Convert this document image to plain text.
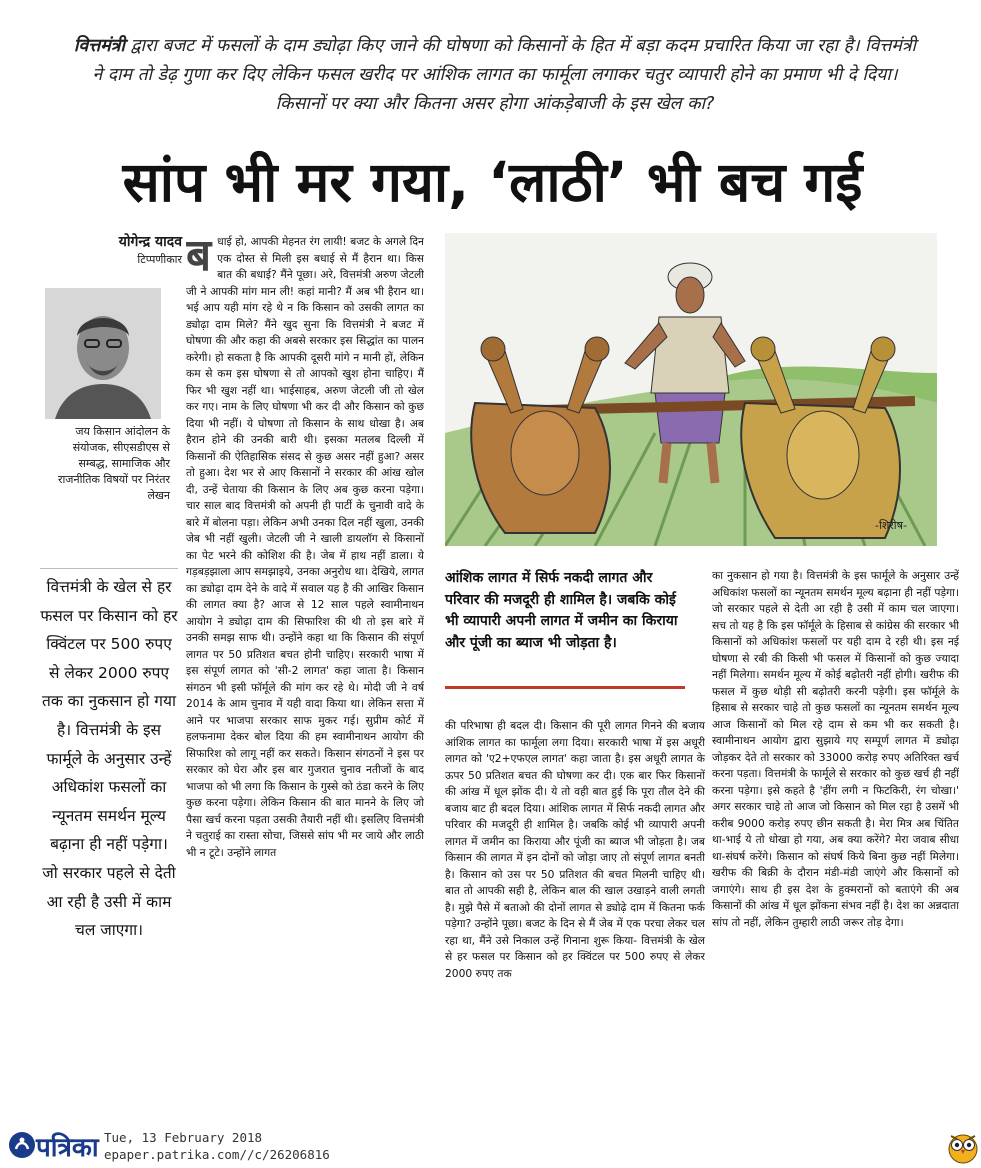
वित्तमंत्री द्वारा बजट में फसलों के दाम ड्योढ़ा किए जाने की घोषणा को किसानों के हित में बड़ा कदम प्रचारित किया जा रहा है। वित्तमंत्री ने दाम तो डेढ़ गुणा कर दिए लेकिन फसल खरीद पर आंशिक लागत का फार्मूला लगाकर चतुर व्यापारी होने का प्रमाण भी दे दिया। किसानों पर क्या और कितना असर होगा आंकड़ेबाजी के इस खेल का?
सांप भी मर गया, ‘लाठी’ भी बच गई
योगेन्द्र यादव
टिप्पणीकार
जय किसान आंदोलन के संयोजक, सीएसडीएस से सम्बद्ध, सामाजिक और राजनीतिक विषयों पर निरंतर लेखन
वित्तमंत्री के खेल से हर फसल पर किसान को हर क्विंटल पर 500 रुपए से लेकर 2000 रुपए तक का नुकसान हो गया है। वित्तमंत्री के इस फार्मूले के अनुसार उन्हें अधिकांश फसलों का न्यूनतम समर्थन मूल्य बढ़ाना ही नहीं पड़ेगा। जो सरकार पहले से देती आ रही है उसी में काम चल जाएगा।
बधाई हो, आपकी मेहनत रंग लायी! बजट के अगले दिन एक दोस्त से मिली इस बधाई से मैं हैरान था। किस बात की बधाई? मैंने पूछा। अरे, वित्तमंत्री अरुण जेटली जी ने आपकी मांग मान ली! कहां मानी? मैं अब भी हैरान था। भई आप यही मांग रहे थे न कि किसान को उसकी लागत का ड्योढ़ा दाम मिले? मैंने खुद सुना कि वित्तमंत्री ने बजट में घोषणा की और कहा की अबसे सरकार इस सिद्धांत का पालन करेगी। हो सकता है कि आपकी दूसरी मांगे न मानी हों, लेकिन कम से कम इस घोषणा से तो आपको खुश होना चाहिए। मैं फिर भी खुश नहीं था। भाईसाहब, अरुण जेटली जी तो खेल कर गए। नाम के लिए घोषणा भी कर दी और किसान को कुछ दिया भी नहीं। ये घोषणा तो किसान के साथ धोखा है। अब हैरान होने की उनकी बारी थी। इसका मतलब दिल्ली में किसानों की ऐतिहासिक संसद से कुछ असर नहीं हुआ? असर तो हुआ। देश भर से आए किसानों ने सरकार की आंख खोल दी, उन्हें चेताया की किसान के लिए अब कुछ करना पड़ेगा। चार साल बाद वित्तमंत्री को अपनी ही पार्टी के चुनावी वादे के बारे में बोलना पड़ा। लेकिन अभी उनका दिल नहीं खुला, उनकी जेब भी नहीं खुली। जेटली जी ने खाली डायलॉग से किसानों का पेट भरने की कोशिश की है। जेब में हाथ नहीं डाला। ये गड़बड़झाला आप समझाइये, उनका अनुरोध था। देखिये, लागत का ड्योढ़ा दाम देने के वादे में सवाल यह है की आखिर किसान की लागत क्या है? आज से 12 साल पहले स्वामीनाथन आयोग ने ड्योढ़ा दाम की सिफारिश की थी तो इस बारे में उनकी समझ साफ थी। उन्होंने कहा था कि किसान की संपूर्ण लागत पर 50 प्रतिशत बचत होनी चाहिए। सरकारी भाषा में इस संपूर्ण लागत को 'सी-2 लागत' कहा जाता है। किसान संगठन भी इसी फॉर्मूले की मांग कर रहे थे। मोदी जी ने वर्ष 2014 के आम चुनाव में यही वादा किया था। लेकिन सत्ता में आने पर भाजपा सरकार साफ मुकर गई। सुप्रीम कोर्ट में हलफनामा देकर बोल दिया की हम स्वामीनाथन आयोग की सिफारिश को लागू नहीं कर सकते। किसान संगठनों ने इस पर सरकार को घेरा और इस बार गुजरात चुनाव नतीजों के बाद भाजपा को भी लगा कि किसान के गुस्से को ठंडा करने के लिए कुछ करना पड़ेगा। लेकिन किसान की बात मानने के लिए जो पैसा खर्च करना पड़ता उसकी तैयारी नहीं थी। इसलिए वित्तमंत्री ने चतुराई का रास्ता सोचा, जिससे सांप भी मर जाये और लाठी भी न टूटे। उन्होंने लागत
-शिरीष-
आंशिक लागत में सिर्फ नकदी लागत और परिवार की मजदूरी ही शामिल है। जबकि कोई भी व्यापारी अपनी लागत में जमीन का किराया और पूंजी का ब्याज भी जोड़ता है।
की परिभाषा ही बदल दी। किसान की पूरी लागत गिनने की बजाय आंशिक लागत का फार्मूला लगा दिया। सरकारी भाषा में इस अधूरी लागत को 'ए2+एफएल लागत' कहा जाता है। इस अधूरी लागत के ऊपर 50 प्रतिशत बचत की घोषणा कर दी। एक बार फिर किसानों की आंख में धूल झोंक दी। ये तो वही बात हुई कि पूरा तौल देने की बजाय बाट ही बदल दिया। आंशिक लागत में सिर्फ नकदी लागत और परिवार की मजदूरी ही शामिल है। जबकि कोई भी व्यापारी अपनी लागत में जमीन का किराया और पूंजी का ब्याज भी जोड़ता है। जब किसान की लागत में इन दोनों को जोड़ा जाए तो संपूर्ण लागत बनती है। किसान को उस पर 50 प्रतिशत की बचत मिलनी चाहिए थी। बात तो आपकी सही है, लेकिन बाल की खाल उखाड़ने वाली लगती है। मुझे पैसे में बताओ की दोनों लागत से ड्योढ़े दाम में कितना फर्क पड़ेगा? उन्होंने पूछा। बजट के दिन से मैं जेब में एक परचा लेकर चल रहा था, मैंने उसे निकाल उन्हें गिनाना शुरू किया- वित्तमंत्री के खेल से हर फसल पर किसान को हर क्विंटल पर 500 रुपए से लेकर 2000 रुपए तक
का नुकसान हो गया है। वित्तमंत्री के इस फार्मूले के अनुसार उन्हें अधिकांश फसलों का न्यूनतम समर्थन मूल्य बढ़ाना ही नहीं पड़ेगा। जो सरकार पहले से देती आ रही है उसी में काम चल जाएगा। सच तो यह है कि इस फॉर्मूले के हिसाब से कांग्रेस की सरकार भी किसानों को अधिकांश फसलों पर यही दाम दे रही थी। इस नई घोषणा से रबी की किसी भी फसल में किसानों को कुछ ज्यादा नहीं मिलेगा। समर्थन मूल्य में कोई बढ़ोतरी नहीं होगी। खरीफ की फसल में कुछ थोड़ी सी बढ़ोतरी करनी पड़ेगी। इस फॉर्मूले के हिसाब से सरकार चाहे तो कुछ फसलों का न्यूनतम समर्थन मूल्य आज किसानों को मिल रहे दाम से कम भी कर सकती है। स्वामीनाथन आयोग द्वारा सुझाये गए सम्पूर्ण लागत में ड्योढ़ा जोड़कर देते तो सरकार को 33000 करोड़ रुपए अतिरिक्त खर्च करना पड़ता। वित्तमंत्री के फार्मूले से सरकार को कुछ खर्च ही नहीं करना पड़ेगा। इसे कहते है 'हींग लगी न फिटकिरी, रंग चोखा।' अगर सरकार चाहे तो आज जो किसान को मिल रहा है उसमें भी करीब 9000 करोड़ रुपए छीन सकती है। मेरा मित्र अब चिंतित था-भाई ये तो धोखा हो गया, अब क्या करेंगे? मेरा जवाब सीधा था-संघर्ष करेंगे। किसान को संघर्ष किये बिना कुछ नहीं मिलेगा। खरीफ की बिक्री के दौरान मंडी-मंडी जाएंगे और किसानों को जगाएंगे। साथ ही इस देश के हुक्मरानों को बताएंगे की अब किसानों की आंख में धूल झोंकना संभव नहीं है। देश का अन्नदाता सांप तो नहीं, लेकिन तुम्हारी लाठी जरूर तोड़ देगा।
पत्रिका Tue, 13 February 2018
epaper.patrika.com//c/26206816
